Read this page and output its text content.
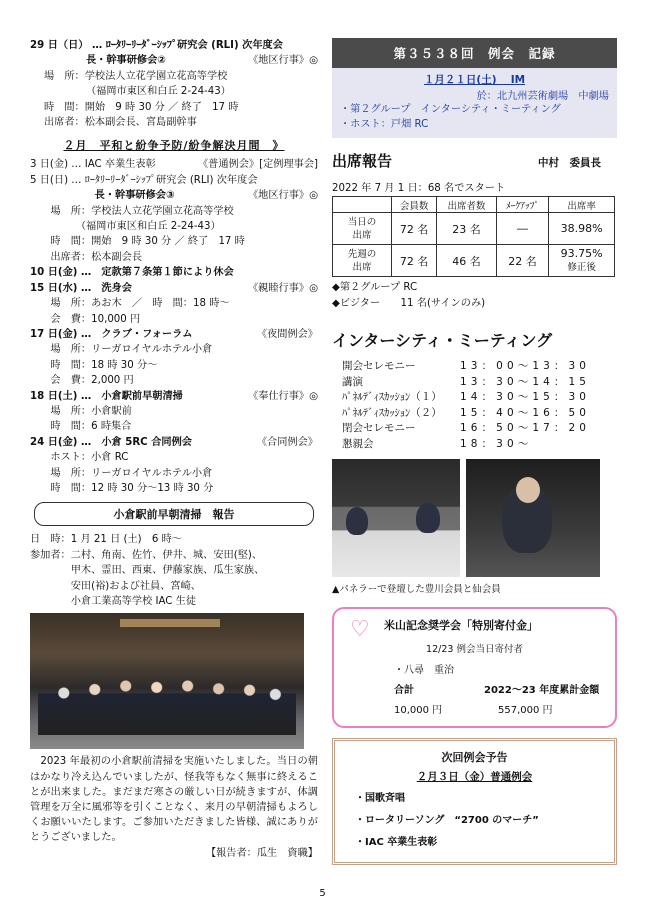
29 日（日） … ﾛｰﾀﾘｰﾘｰﾀﾞｰｼｯﾌﾟ研究会 (RLI) 次年度会
長・幹事研修会②	《地区行事》◎
場　所：学校法人立花学園立花高等学校
（福岡市東区和白丘 2-24-43）
時　間：開始　9 時 30 分 ／ 終了　17 時
出席者：松本副会長、宮島副幹事
２月　平和と紛争予防/紛争解決月間　》
3 日(金) … IAC 卒業生表彰	《普通例会》[定例理事会]
5 日(日) … ﾛｰﾀﾘｰﾘｰﾀﾞｰｼｯﾌﾟ研究会 (RLI) 次年度会
　　　　　　 長・幹事研修会③	《地区行事》◎
　　場　所：学校法人立花学園立花高等学校
　　　　　（福岡市東区和白丘 2-24-43）
　　時　間：開始　9 時 30 分 ／ 終了　17 時
　　出席者：松本副会長
10 日(金) …　定款第７条第１節により休会
15 日(水) …　洗身会	《親睦行事》◎
　　場　所：あお木　／　時　間：18 時～
　　会　費：10,000 円
17 日(金) …　クラブ・フォーラム	《夜間例会》
　　場　所：リーガロイヤルホテル小倉
　　時　間：18 時 30 分～
　　会　費：2,000 円
18 日(土) …　小倉駅前早朝清掃	《奉仕行事》◎
　　場　所：小倉駅前
　　時　間：6 時集合
24 日(金) …　小倉 5RC 合同例会	《合同例会》
　　ホスト：小倉 RC
　　場　所：リーガロイヤルホテル小倉
　　時　間：12 時 30 分～13 時 30 分
小倉駅前早朝清掃　報告
日　時：1 月 21 日 (土)　6 時～
参加者：二村、角南、佐竹、伊井、城、安田(堅)、
　　　　甲木、霊田、西東、伊藤家族、瓜生家族、
　　　　安田(裕)および社員、宮崎、
　　　　小倉工業高等学校 IAC 生徒
　2023 年最初の小倉駅前清掃を実施いたしました。当日の朝はかなり冷え込んでいましたが、怪我等もなく無事に終えることが出来ました。まだまだ寒さの厳しい日が続きますが、体調管理を万全に風邪等を引くことなく、来月の早朝清掃もよろしくお願いいたします。ご参加いただきました皆様、誠にありがとうございました。
【報告者：瓜生　資職】
第３５３８回　例会　記録
１月２１日(土)　 IM
於：北九州芸術劇場　中劇場
・第２グループ　インターシティ・ミーティング
・ホスト：戸畑 RC
出席報告	中村　委員長
2022 年 7 月 1 日：68 名でスタート
	会員数	出席者数	ﾒｰｸｱｯﾌﾟ	出席率
当日の
出席	72 名	23 名	―	38.98%
先週の
出席	72 名	46 名	22 名	93.75%
修正後
◆第２グループ RC
◆ビジター　　11 名(サインのみ)
インターシティ・ミーティング
開会セレモニー	13：00～13：30
講演	13：30～14：15
ﾊﾟﾈﾙﾃﾞｨｽｶｯｼｮﾝ（１）	14：30～15：30
ﾊﾟﾈﾙﾃﾞｨｽｶｯｼｮﾝ（２）	15：40～16：50
閉会セレモニー	16：50～17：20
懇親会	18：30～
▲パネラーで登壇した豊川会員と仙会員
♡	米山記念奨学会「特別寄付金」
12/23 例会当日寄付者
・八尋　重治
合計	2022～23 年度累計金額
10,000 円	557,000 円
次回例会予告
２月３日（金）普通例会
・国歌斉唱
・ロータリーソング　“2700 のマーチ”
・IAC 卒業生表彰
5
